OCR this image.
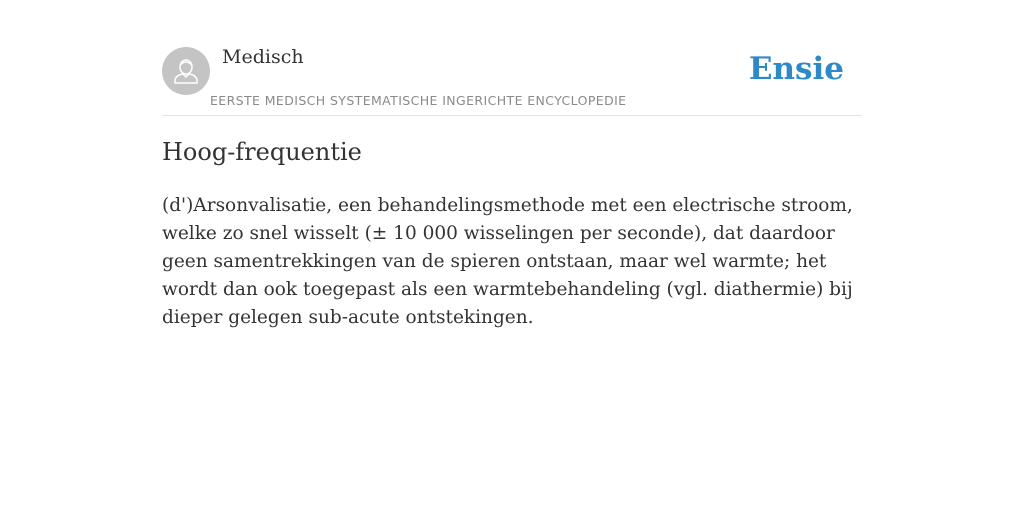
Medisch
EERSTE MEDISCH SYSTEMATISCHE INGERICHTE ENCYCLOPEDIE
Ensie
Hoog-frequentie

(d')Arsonvalisatie, een behandelingsmethode met een electrische stroom, welke zo snel wisselt (± 10 000 wisselingen per seconde), dat daardoor geen samentrekkingen van de spieren ontstaan, maar wel warmte; het wordt dan ook toegepast als een warmtebehandeling (vgl. diathermie) bij dieper gelegen sub-acute ontstekingen.
